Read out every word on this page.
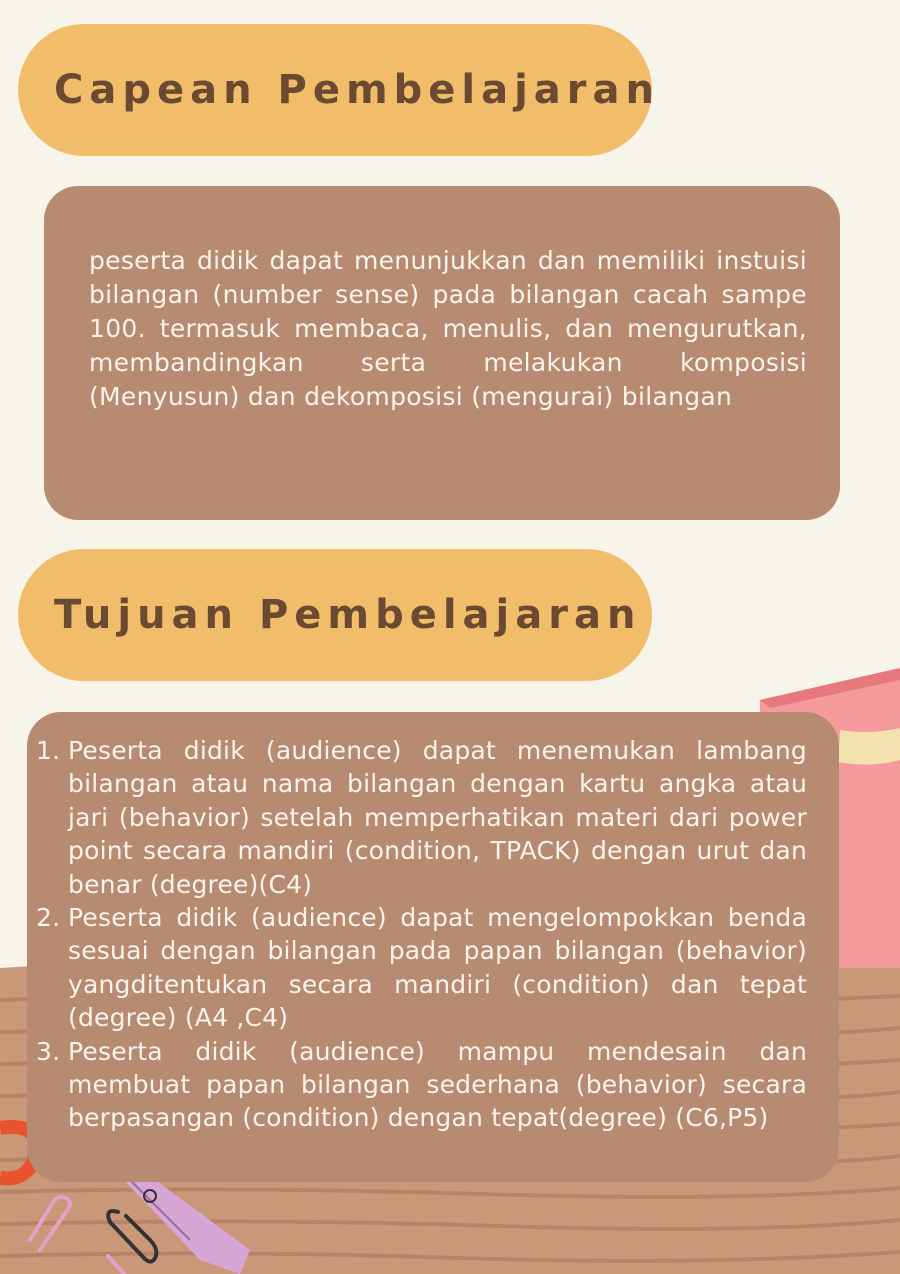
Capean Pembelajaran
peserta didik dapat menunjukkan dan memiliki instuisi bilangan (number sense) pada bilangan cacah sampe 100. termasuk membaca, menulis, dan mengurutkan, membandingkan serta melakukan komposisi (Menyusun) dan dekomposisi (mengurai) bilangan
Tujuan Pembelajaran
1. Peserta didik (audience) dapat menemukan lambang bilangan atau nama bilangan dengan kartu angka atau jari (behavior) setelah memperhatikan materi dari power point secara mandiri (condition, TPACK) dengan urut dan benar (degree)(C4)
2. Peserta didik (audience) dapat mengelompokkan benda sesuai dengan bilangan pada papan bilangan (behavior) yangditentukan secara mandiri (condition) dan tepat (degree) (A4 ,C4)
3. Peserta didik (audience) mampu mendesain dan membuat papan bilangan sederhana (behavior) secara berpasangan (condition) dengan tepat(degree) (C6,P5)
